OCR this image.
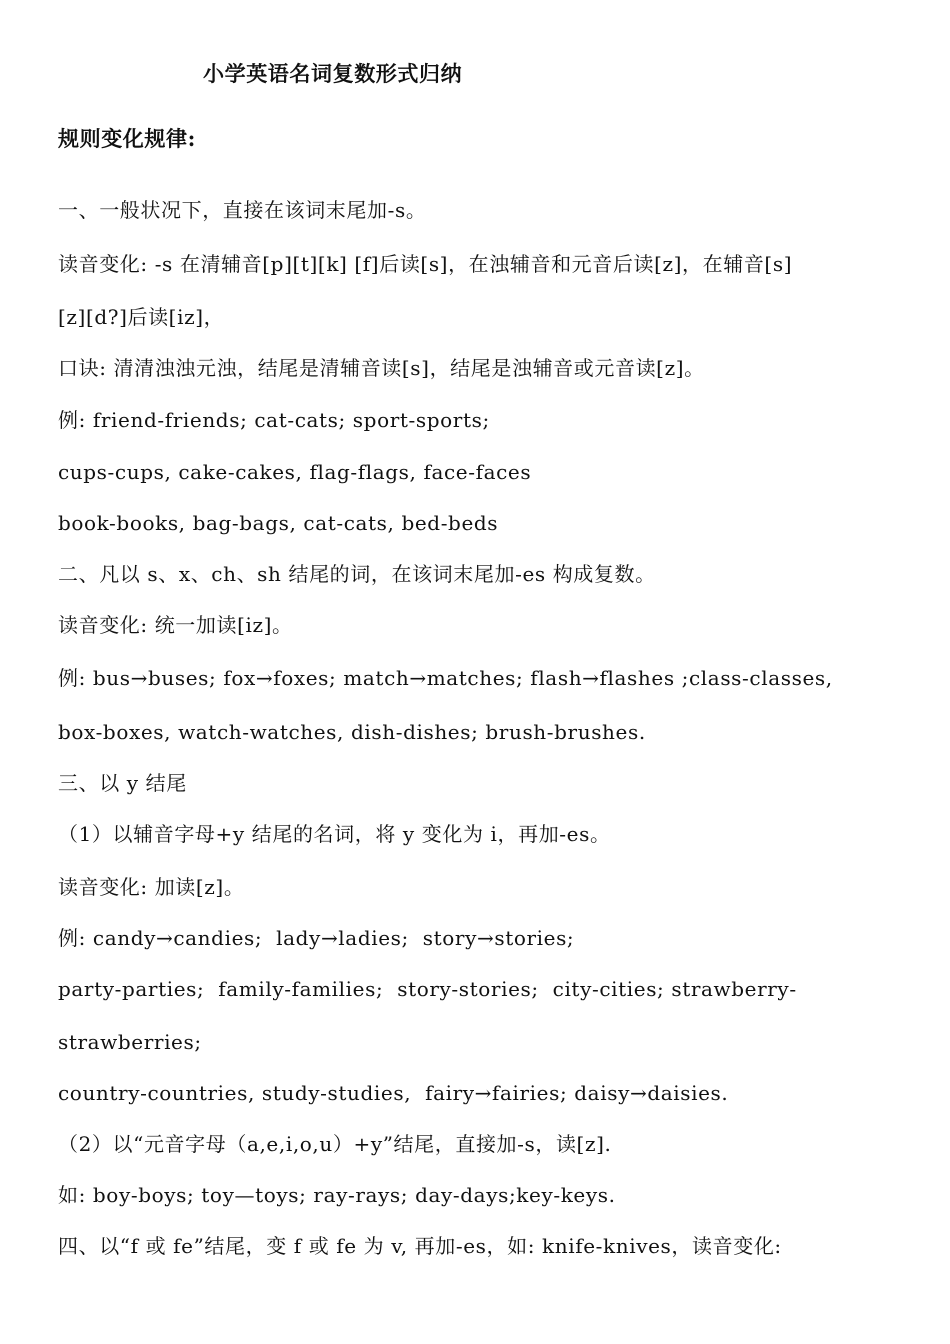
小学英语名词复数形式归纳
规则变化规律:
一、一般状况下，直接在该词末尾加-s。
读音变化: -s 在清辅音[p][t][k] [f]后读[s]，在浊辅音和元音后读[z]，在辅音[s]
[z][d?]后读[iz]，
口诀: 清清浊浊元浊，结尾是清辅音读[s]，结尾是浊辅音或元音读[z]。
例: friend-friends; cat-cats; sport-sports;
cups-cups, cake-cakes, flag-flags, face-faces
book-books, bag-bags, cat-cats, bed-beds
二、凡以 s、x、ch、sh 结尾的词，在该词末尾加-es 构成复数。
读音变化: 统一加读[iz]。
例: bus→buses; fox→foxes; match→matches; flash→flashes ;class-classes,
box-boxes, watch-watches, dish-dishes; brush-brushes.
三、以 y 结尾
（1）以辅音字母+y 结尾的名词，将 y 变化为 i，再加-es。
读音变化: 加读[z]。
例: candy→candies;  lady→ladies;  story→stories;
party-parties;  family-families;  story-stories;  city-cities; strawberry-
strawberries;
country-countries, study-studies,  fairy→fairies; daisy→daisies.
（2）以“元音字母（a,e,i,o,u）+y”结尾，直接加-s，读[z].
如: boy-boys; toy—toys; ray-rays; day-days;key-keys.
四、以“f 或 fe”结尾，变 f 或 fe 为 v, 再加-es，如: knife-knives，读音变化:
